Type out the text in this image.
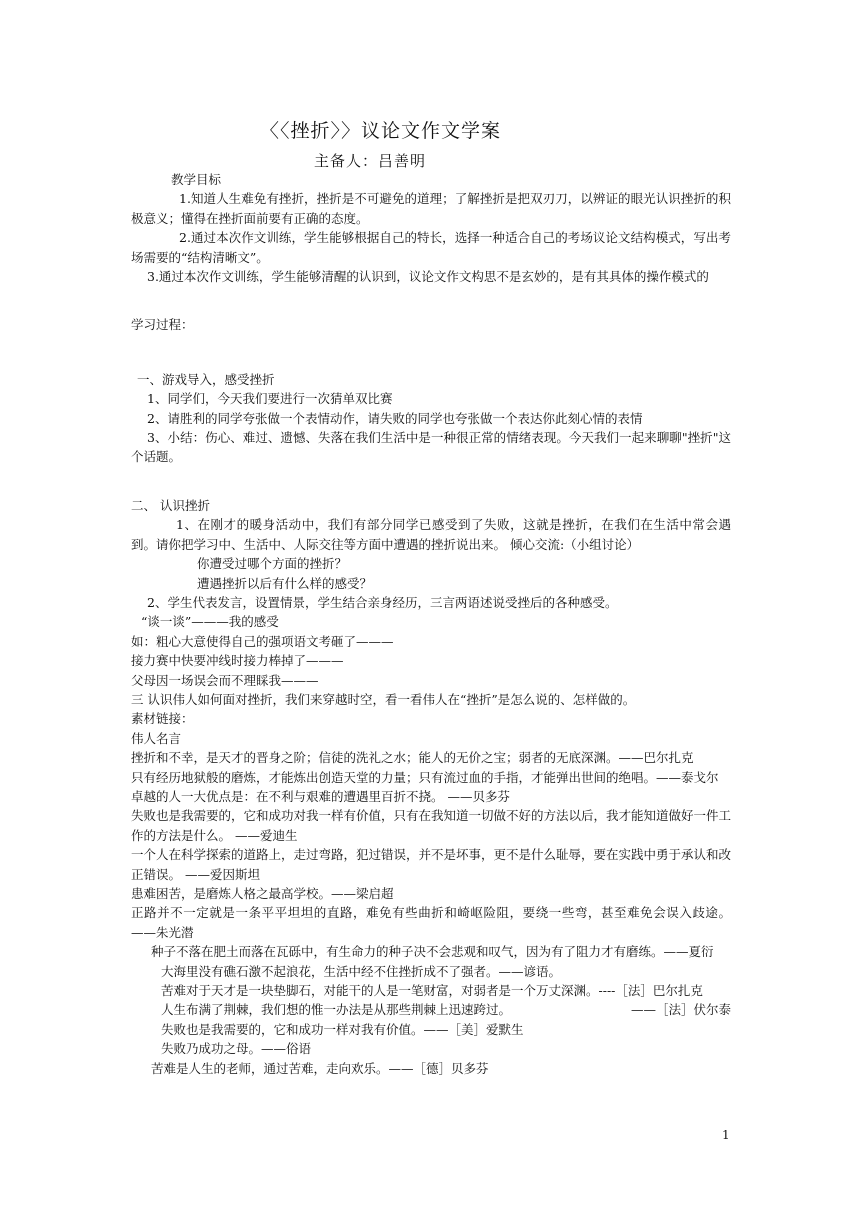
〈〈挫折〉〉议论文作文学案
主备人：吕善明

教学目标

1.知道人生难免有挫折，挫折是不可避免的道理；了解挫折是把双刃刀，以辨证的眼光认识挫折的积极意义；懂得在挫折面前要有正确的态度。

2.通过本次作文训练，学生能够根据自己的特长，选择一种适合自己的考场议论文结构模式，写出考场需要的“结构清晰文”。

3.通过本次作文训练，学生能够清醒的认识到，议论文作文构思不是玄妙的，是有其具体的操作模式的

学习过程：

一、游戏导入，感受挫折

1、同学们，今天我们要进行一次猜单双比赛

2、请胜利的同学夸张做一个表情动作，请失败的同学也夸张做一个表达你此刻心情的表情

3、小结：伤心、难过、遗憾、失落在我们生活中是一种很正常的情绪表现。今天我们一起来聊聊"挫折"这个话题。

二、 认识挫折

1、在刚才的暖身活动中，我们有部分同学已感受到了失败，这就是挫折，在我们在生活中常会遇到。请你把学习中、生活中、人际交往等方面中遭遇的挫折说出来。 倾心交流:（小组讨论）

你遭受过哪个方面的挫折？

遭遇挫折以后有什么样的感受？

2、学生代表发言，设置情景，学生结合亲身经历，三言两语述说受挫后的各种感受。

“谈一谈”———我的感受

如：粗心大意使得自己的强项语文考砸了———

接力赛中快要冲线时接力棒掉了———

父母因一场误会而不理睬我———

三 认识伟人如何面对挫折，我们来穿越时空，看一看伟人在“挫折”是怎么说的、怎样做的。

素材链接：

伟人名言

挫折和不幸，是天才的晋身之阶；信徒的洗礼之水；能人的无价之宝；弱者的无底深渊。——巴尔扎克

只有经历地狱般的磨炼，才能炼出创造天堂的力量；只有流过血的手指，才能弹出世间的绝唱。——泰戈尔

卓越的人一大优点是：在不利与艰难的遭遇里百折不挠。 ——贝多芬

失败也是我需要的，它和成功对我一样有价值，只有在我知道一切做不好的方法以后，我才能知道做好一件工作的方法是什么。 ——爱迪生

一个人在科学探索的道路上，走过弯路，犯过错误，并不是坏事，更不是什么耻辱，要在实践中勇于承认和改正错误。 ——爱因斯坦

患难困苦，是磨炼人格之最高学校。——梁启超

正路并不一定就是一条平平坦坦的直路，难免有些曲折和崎岖险阻，要绕一些弯，甚至难免会误入歧途。 ——朱光潜

种子不落在肥土而落在瓦砾中，有生命力的种子决不会悲观和叹气，因为有了阻力才有磨练。——夏衍

大海里没有礁石激不起浪花，生活中经不住挫折成不了强者。——谚语。

苦难对于天才是一块垫脚石，对能干的人是一笔财富，对弱者是一个万丈深渊。----［法］巴尔扎克

人生布满了荆棘，我们想的惟一办法是从那些荆棘上迅速跨过。	——［法］伏尔泰

失败也是我需要的，它和成功一样对我有价值。——［美］爱默生

失败乃成功之母。——俗语

苦难是人生的老师，通过苦难，走向欢乐。——［德］贝多芬

1
